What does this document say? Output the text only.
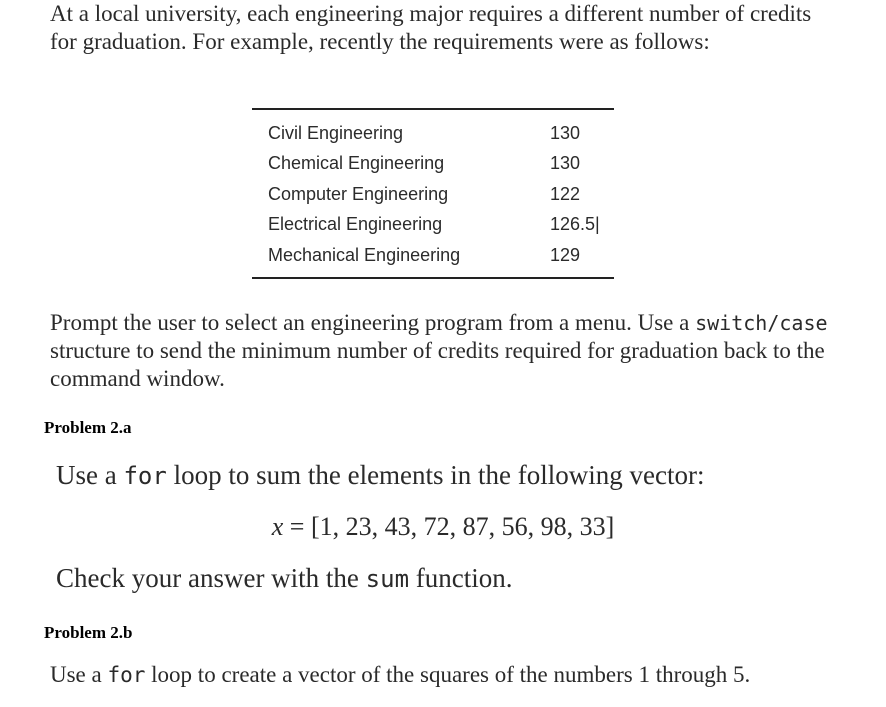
At a local university, each engineering major requires a different number of credits for graduation. For example, recently the requirements were as follows:
Civil Engineering	130
Chemical Engineering	130
Computer Engineering	122
Electrical Engineering	126.5|
Mechanical Engineering	129
Prompt the user to select an engineering program from a menu. Use a switch/case structure to send the minimum number of credits required for graduation back to the command window.
Problem 2.a
Use a for loop to sum the elements in the following vector:
x = [1, 23, 43, 72, 87, 56, 98, 33]
Check your answer with the sum function.
Problem 2.b
Use a for loop to create a vector of the squares of the numbers 1 through 5.
